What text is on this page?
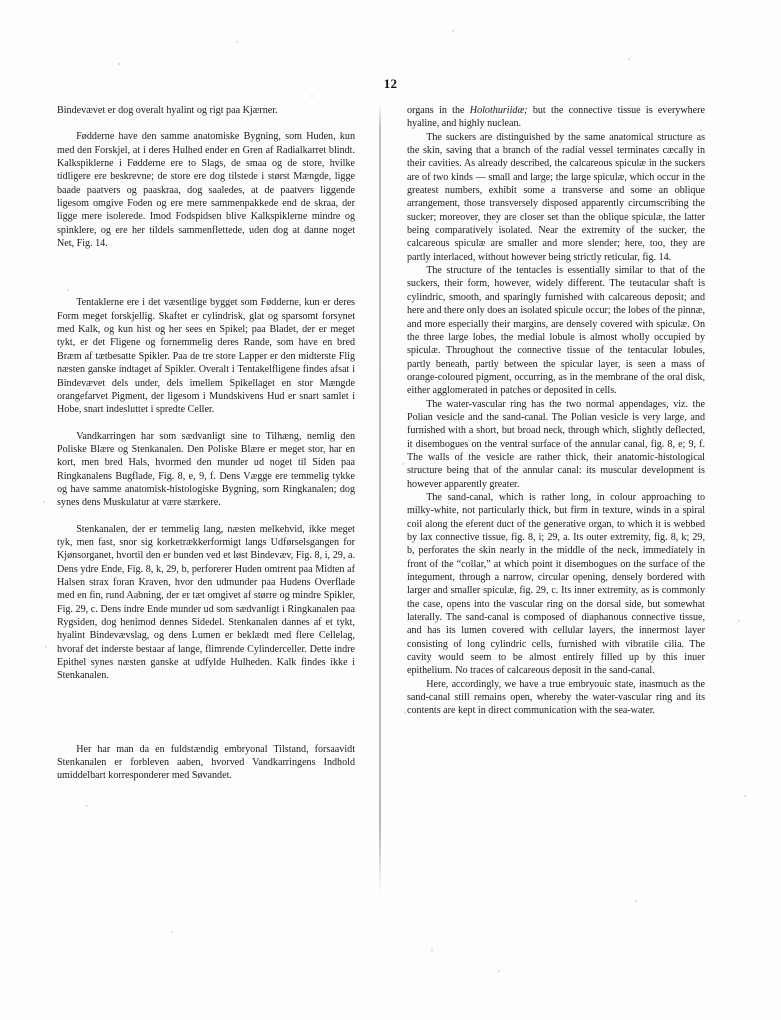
12

Bindevævet er dog overalt hyalint og rigt paa Kjærner.

Fødderne have den samme anatomiske Bygning, som Huden, kun med den Forskjel, at i deres Hulhed ender en Gren af Radialkarret blindt. Kalkspiklerne i Fødderne ere to Slags, de smaa og de store, hvilke tidligere ere beskrevne; de store ere dog tilstede i størst Mængde, ligge baade paatvers og paaskraa, dog saaledes, at de paatvers liggende ligesom omgive Foden og ere mere sammenpakkede end de skraa, der ligge mere isolerede. Imod Fodspidsen blive Kalkspiklerne mindre og spinklere, og ere her tildels sammenflettede, uden dog at danne noget Net, Fig. 14.

Tentaklerne ere i det væsentlige bygget som Fødderne, kun er deres Form meget forskjellig. Skaftet er cylindrisk, glat og sparsomt forsynet med Kalk, og kun hist og her sees en Spikel; paa Bladet, der er meget tykt, er det Fligene og fornemmelig deres Rande, som have en bred Bræm af tætbesatte Spikler. Paa de tre store Lapper er den midterste Flig næsten ganske indtaget af Spikler. Overalt i Tentakelfligene findes afsat i Bindevævet dels under, dels imellem Spikellaget en stor Mængde orangefarvet Pigment, der ligesom i Mundskivens Hud er snart samlet i Hobe, snart indesluttet i spredte Celler.

Vandkarringen har som sædvanligt sine to Tilhæng, nemlig den Poliske Blære og Stenkanalen. Den Poliske Blære er meget stor, har en kort, men bred Hals, hvormed den munder ud noget til Siden paa Ringkanalens Bugflade, Fig. 8, e, 9, f. Dens Vægge ere temmelig tykke og have samme anatomisk-histologiske Bygning, som Ringkanalen; dog synes dens Muskulatur at være stærkere.

Stenkanalen, der er temmelig lang, næsten melkehvid, ikke meget tyk, men fast, snor sig korketrækkerformigt langs Udførselsgangen for Kjønsorganet, hvortil den er bunden ved et løst Bindevæv, Fig. 8, i, 29, a. Dens ydre Ende, Fig. 8, k, 29, b, perforerer Huden omtrent paa Midten af Halsen strax foran Kraven, hvor den udmunder paa Hudens Overflade med en fin, rund Aabning, der er tæt omgivet af større og mindre Spikler, Fig. 29, c. Dens indre Ende munder ud som sædvanligt i Ringkanalen paa Rygsiden, dog henimod dennes Sidedel. Stenkanalen dannes af et tykt, hyalint Bindevævslag, og dens Lumen er beklædt med flere Cellelag, hvoraf det inderste bestaar af lange, flimrende Cylinderceller. Dette indre Epithel synes næsten ganske at udfylde Hulheden. Kalk findes ikke i Stenkanalen.

Her har man da en fuldstændig embryonal Tilstand, forsaavidt Stenkanalen er forbleven aaben, hvorved Vandkarringens Indhold umiddelbart korresponderer med Søvandet.

organs in the Holothuriidæ; but the connective tissue is everywhere hyaline, and highly nuclean.

The suckers are distinguished by the same anatomical structure as the skin, saving that a branch of the radial vessel terminates cæcally in their cavities. As already described, the calcareous spiculæ in the suckers are of two kinds — small and large; the large spiculæ, which occur in the greatest numbers, exhibit some a transverse and some an oblique arrangement, those transversely disposed apparently circumscribing the sucker; moreover, they are closer set than the oblique spiculæ, the latter being comparatively isolated. Near the extremity of the sucker, the calcareous spiculæ are smaller and more slender; here, too, they are partly interlaced, without however being strictly reticular, fig. 14.

The structure of the tentacles is essentially similar to that of the suckers, their form, however, widely different. The teutacular shaft is cylindric, smooth, and sparingly furnished with calcareous deposit; and here and there only does an isolated spicule occur; the lobes of the pinnæ, and more especially their margins, are densely covered with spiculæ. On the three large lobes, the medial lobule is almost wholly occupied by spiculæ. Throughout the connective tissue of the tentacular lobules, partly beneath, partly between the spicular layer, is seen a mass of orange-coloured pigment, occurring, as in the membrane of the oral disk, either agglomerated in patches or deposited in cells.

The water-vascular ring has the two normal appendages, viz. the Polian vesicle and the sand-canal. The Polian vesicle is very large, and furnished with a short, but broad neck, through which, slightly deflected, it disembogues on the ventral surface of the annular canal, fig. 8, e; 9, f. The walls of the vesicle are rather thick, their anatomic-histological structure being that of the annular canal: its muscular development is however apparently greater.

The sand-canal, which is rather long, in colour approaching to milky-white, not particularly thick, but firm in texture, winds in a spiral coil along the eferent duct of the generative organ, to which it is webbed by lax connective tissue, fig. 8, i; 29, a. Its outer extremity, fig. 8, k; 29, b, perforates the skin nearly in the middle of the neck, immediately in front of the “collar,” at which point it disembogues on the surface of the integument, through a narrow, circular opening, densely bordered with larger and smaller spiculæ, fig. 29, c. Its inner extremity, as is commonly the case, opens into the vascular ring on the dorsal side, but somewhat laterally. The sand-canal is composed of diaphanous connective tissue, and has its lumen covered with cellular layers, the innermost layer consisting of long cylindric cells, furnished with vibratile cilia. The cavity would seem to be almost entirely filled up by this inuer epithelium. No traces of calcareous deposit in the sand-canal.

Here, accordingly, we have a true embryouic state, inasmuch as the sand-canal still remains open, whereby the water-vascular ring and its contents are kept in direct communication with the sea-water.
